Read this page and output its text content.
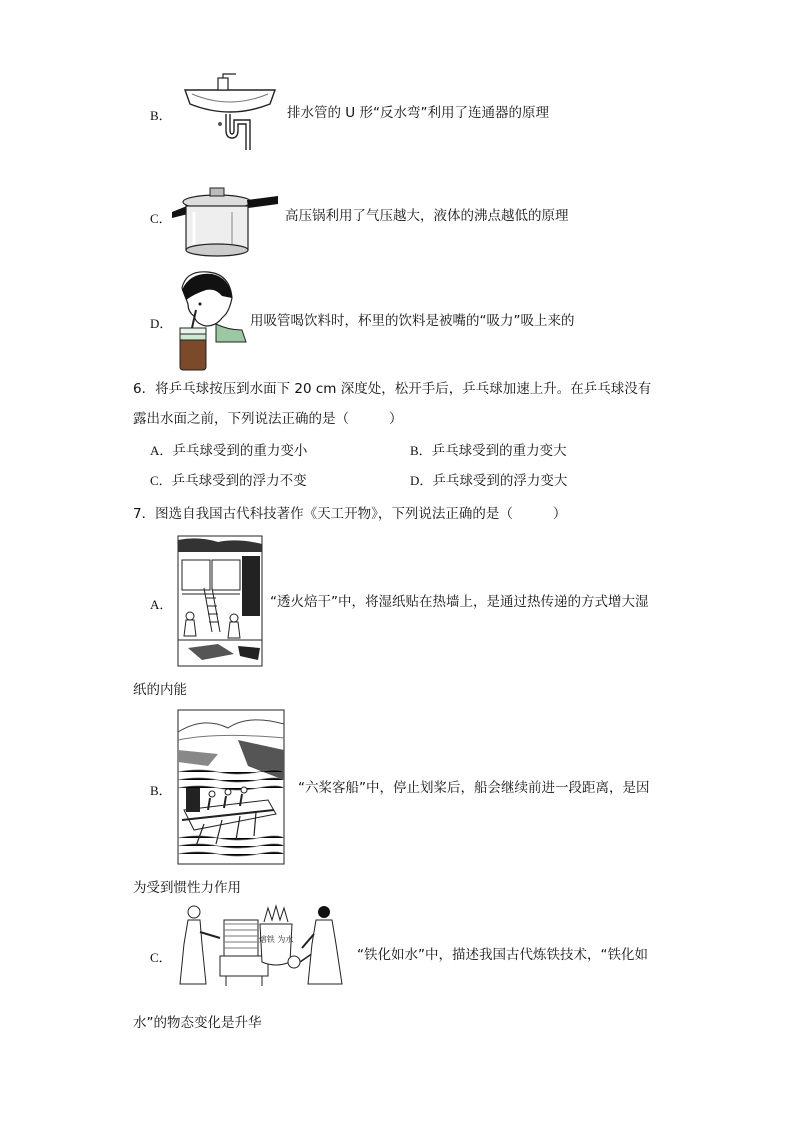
B．	排水管的 U 形“反水弯”利用了连通器的原理
C．	高压锅利用了气压越大，液体的沸点越低的原理
D．	用吸管喝饮料时，杯里的饮料是被嘴的“吸力”吸上来的
6．将乒乓球按压到水面下 20 cm 深度处，松开手后，乒乓球加速上升。在乒乓球没有
露出水面之前，下列说法正确的是（	）
A．乒乓球受到的重力变小	B．乒乓球受到的重力变大
C．乒乓球受到的浮力不变	D．乒乓球受到的浮力变大
7．图选自我国古代科技著作《天工开物》，下列说法正确的是（	）
A．	“透火焙干”中，将湿纸贴在热墙上，是通过热传递的方式增大湿
纸的内能
B．	“六桨客船”中，停止划桨后，船会继续前进一段距离，是因
为受到惯性力作用
C．
熔铁 为水
“铁化如水”中，描述我国古代炼铁技术，“铁化如
水”的物态变化是升华
